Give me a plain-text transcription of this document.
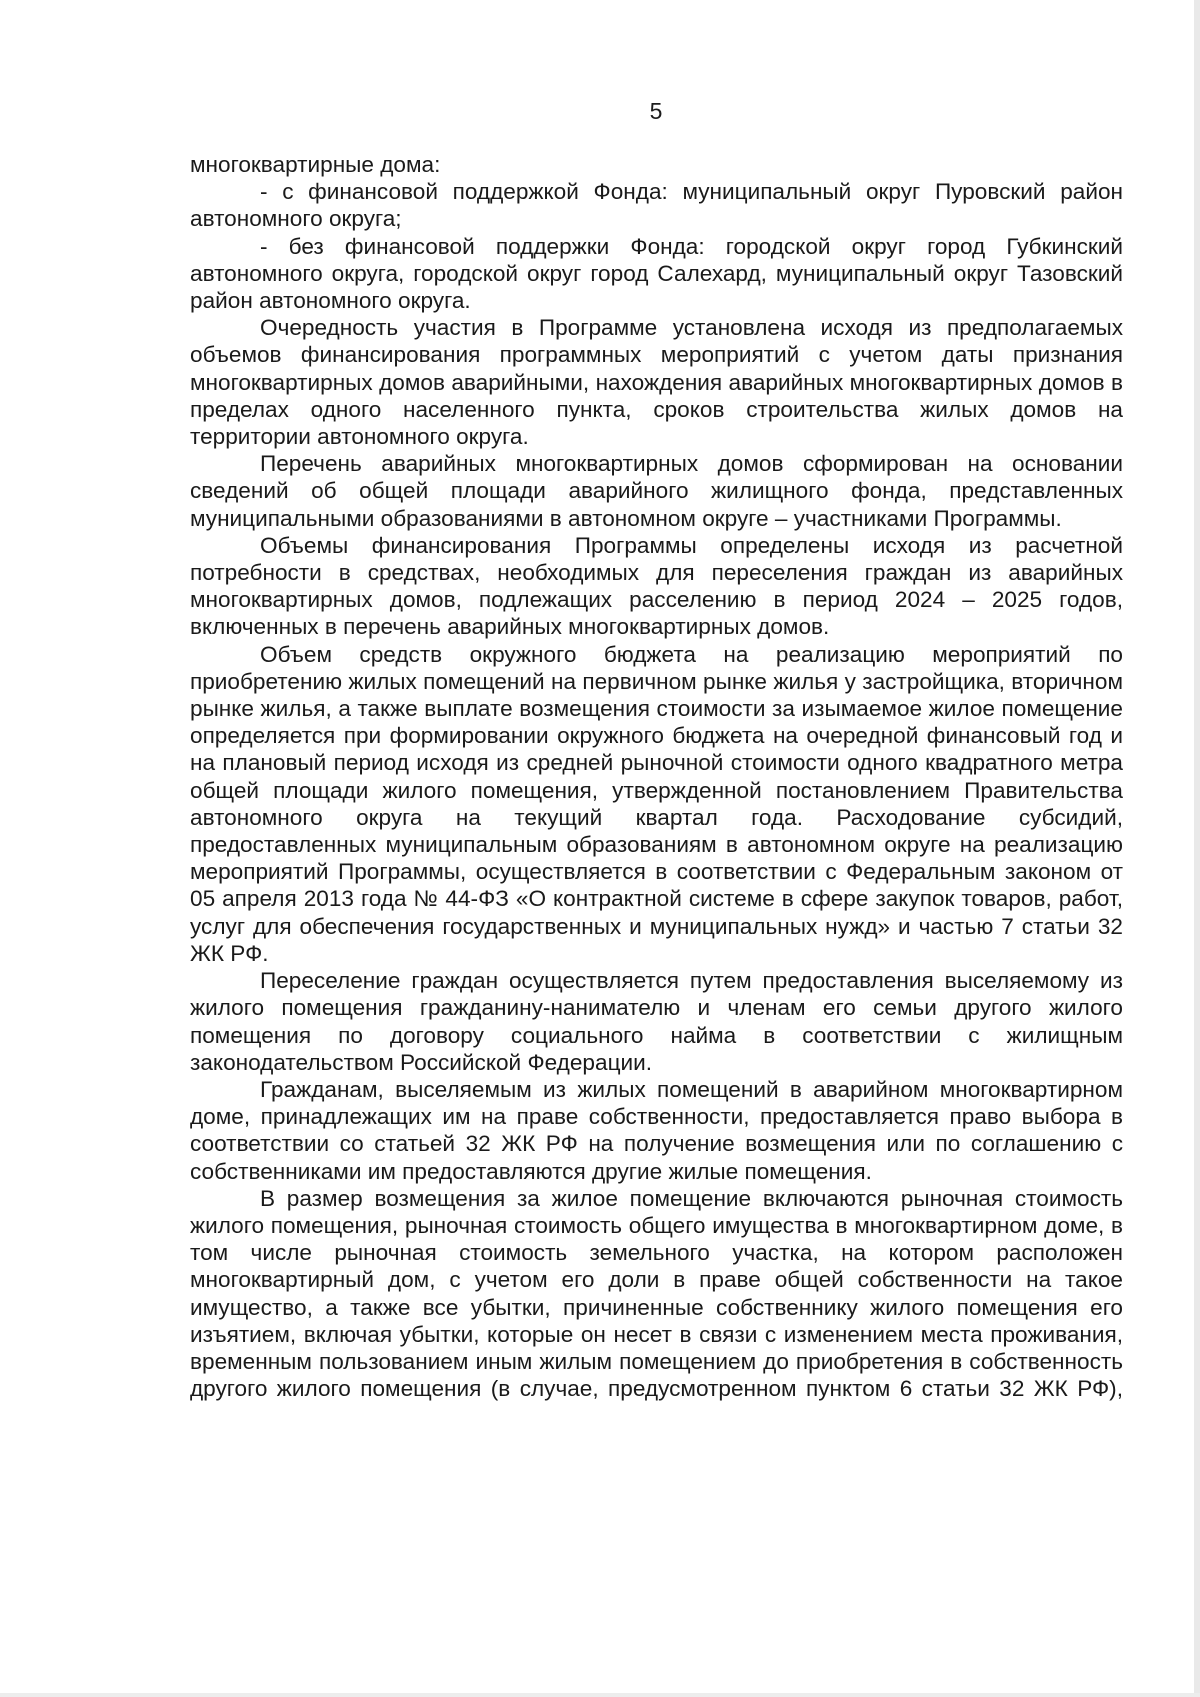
5

многоквартирные дома:

- с финансовой поддержкой Фонда: муниципальный округ Пуровский район автономного округа;

- без финансовой поддержки Фонда: городской округ город Губкинский автономного округа, городской округ город Салехард, муниципальный округ Тазовский район автономного округа.

Очередность участия в Программе установлена исходя из предполагаемых объемов финансирования программных мероприятий с учетом даты признания многоквартирных домов аварийными, нахождения аварийных многоквартирных домов в пределах одного населенного пункта, сроков строительства жилых домов на территории автономного округа.

Перечень аварийных многоквартирных домов сформирован на основании сведений об общей площади аварийного жилищного фонда, представленных муниципальными образованиями в автономном округе – участниками Программы.

Объемы финансирования Программы определены исходя из расчетной потребности в средствах, необходимых для переселения граждан из аварийных многоквартирных домов, подлежащих расселению в период 2024 – 2025 годов, включенных в перечень аварийных многоквартирных домов.

Объем средств окружного бюджета на реализацию мероприятий по приобретению жилых помещений на первичном рынке жилья у застройщика, вторичном рынке жилья, а также выплате возмещения стоимости за изымаемое жилое помещение определяется при формировании окружного бюджета на очередной финансовый год и на плановый период исходя из средней рыночной стоимости одного квадратного метра общей площади жилого помещения, утвержденной постановлением Правительства автономного округа на текущий квартал года. Расходование субсидий, предоставленных муниципальным образованиям в автономном округе на реализацию мероприятий Программы, осуществляется в соответствии с Федеральным законом от 05 апреля 2013 года № 44-ФЗ «О контрактной системе в сфере закупок товаров, работ, услуг для обеспечения государственных и муниципальных нужд» и частью 7 статьи 32 ЖК РФ.

Переселение граждан осуществляется путем предоставления выселяемому из жилого помещения гражданину-нанимателю и членам его семьи другого жилого помещения по договору социального найма в соответствии с жилищным законодательством Российской Федерации.

Гражданам, выселяемым из жилых помещений в аварийном многоквартирном доме, принадлежащих им на праве собственности, предоставляется право выбора в соответствии со статьей 32 ЖК РФ на получение возмещения или по соглашению с собственниками им предоставляются другие жилые помещения.

В размер возмещения за жилое помещение включаются рыночная стоимость жилого помещения, рыночная стоимость общего имущества в многоквартирном доме, в том числе рыночная стоимость земельного участка, на котором расположен многоквартирный дом, с учетом его доли в праве общей собственности на такое имущество, а также все убытки, причиненные собственнику жилого помещения его изъятием, включая убытки, которые он несет в связи с изменением места проживания, временным пользованием иным жилым помещением до приобретения в собственность другого жилого помещения (в случае, предусмотренном пунктом 6 статьи 32 ЖК РФ),
